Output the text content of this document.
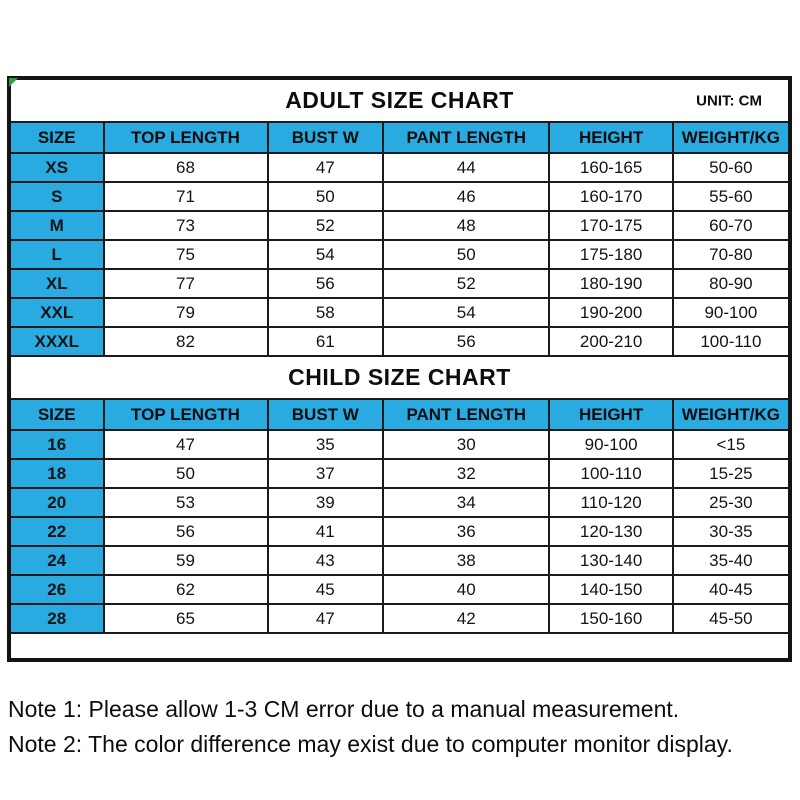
ADULT SIZE CHART UNIT: CM					

SIZE	TOP LENGTH	BUST W	PANT LENGTH	HEIGHT	WEIGHT/KG
XS	68	47	44	160-165	50-60
S	71	50	46	160-170	55-60
M	73	52	48	170-175	60-70
L	75	54	50	175-180	70-80
XL	77	56	52	180-190	80-90
XXL	79	58	54	190-200	90-100
XXXL	82	61	56	200-210	100-110
CHILD SIZE CHART					
SIZE	TOP LENGTH	BUST W	PANT LENGTH	HEIGHT	WEIGHT/KG
16	47	35	30	90-100	<15
18	50	37	32	100-110	15-25
20	53	39	34	110-120	25-30
22	56	41	36	120-130	30-35
24	59	43	38	130-140	35-40
26	62	45	40	140-150	40-45
28	65	47	42	150-160	45-50

Note 1: Please allow 1-3 CM error due to a manual measurement.

Note 2: The color difference may exist due to computer monitor display.
